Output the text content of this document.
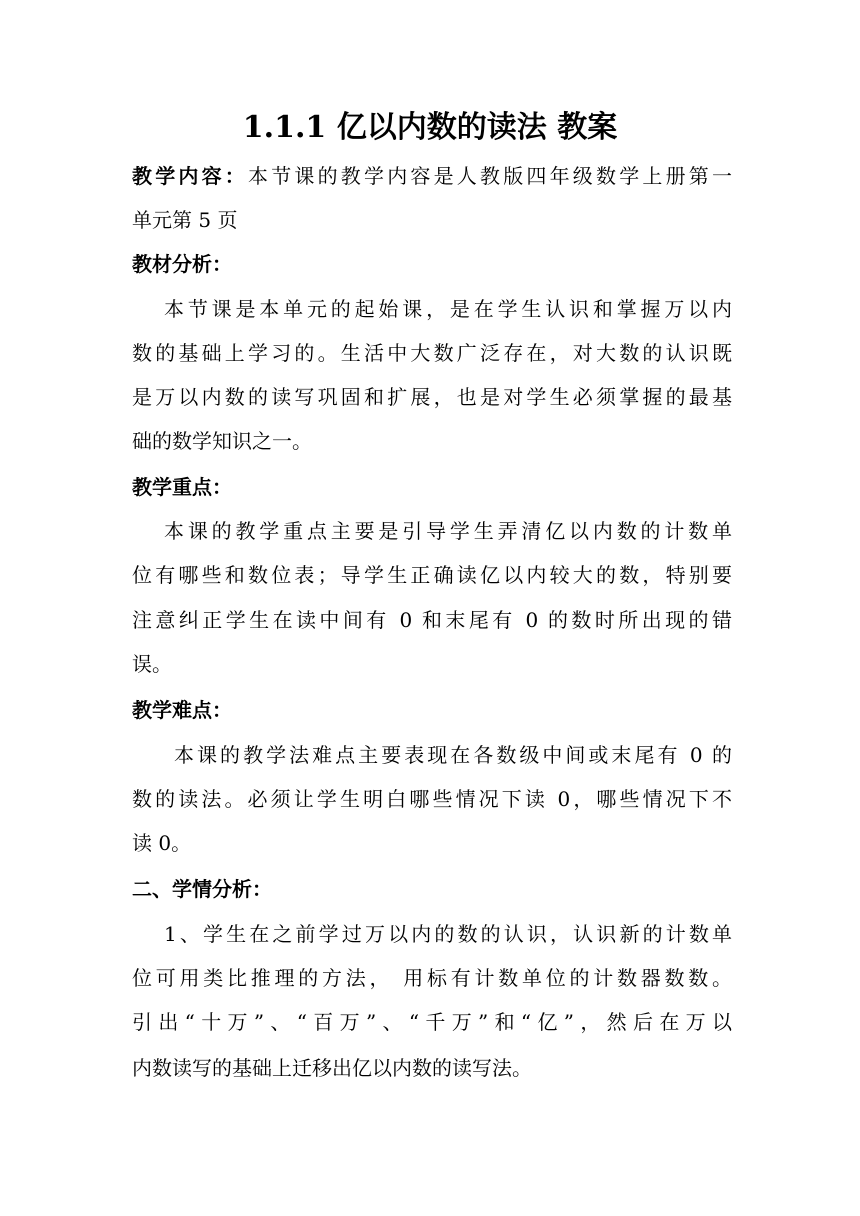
1.1.1 亿以内数的读法 教案

教学内容：本节课的教学内容是人教版四年级数学上册第一

单元第 5 页

教材分析：

本节课是本单元的起始课，是在学生认识和掌握万以内

数的基础上学习的。生活中大数广泛存在，对大数的认识既

是万以内数的读写巩固和扩展，也是对学生必须掌握的最基

础的数学知识之一。

教学重点：

本课的教学重点主要是引导学生弄清亿以内数的计数单

位有哪些和数位表；导学生正确读亿以内较大的数，特别要

注意纠正学生在读中间有 0 和末尾有 0 的数时所出现的错

误。

教学难点：

本课的教学法难点主要表现在各数级中间或末尾有 0 的

数的读法。必须让学生明白哪些情况下读 0，哪些情况下不

读 0。

二、学情分析：

1、学生在之前学过万以内的数的认识，认识新的计数单

位可用类比推理的方法， 用标有计数单位的计数器数数。

引出“十万”、“百万”、“千万”和“亿”，然后在万以

内数读写的基础上迁移出亿以内数的读写法。
